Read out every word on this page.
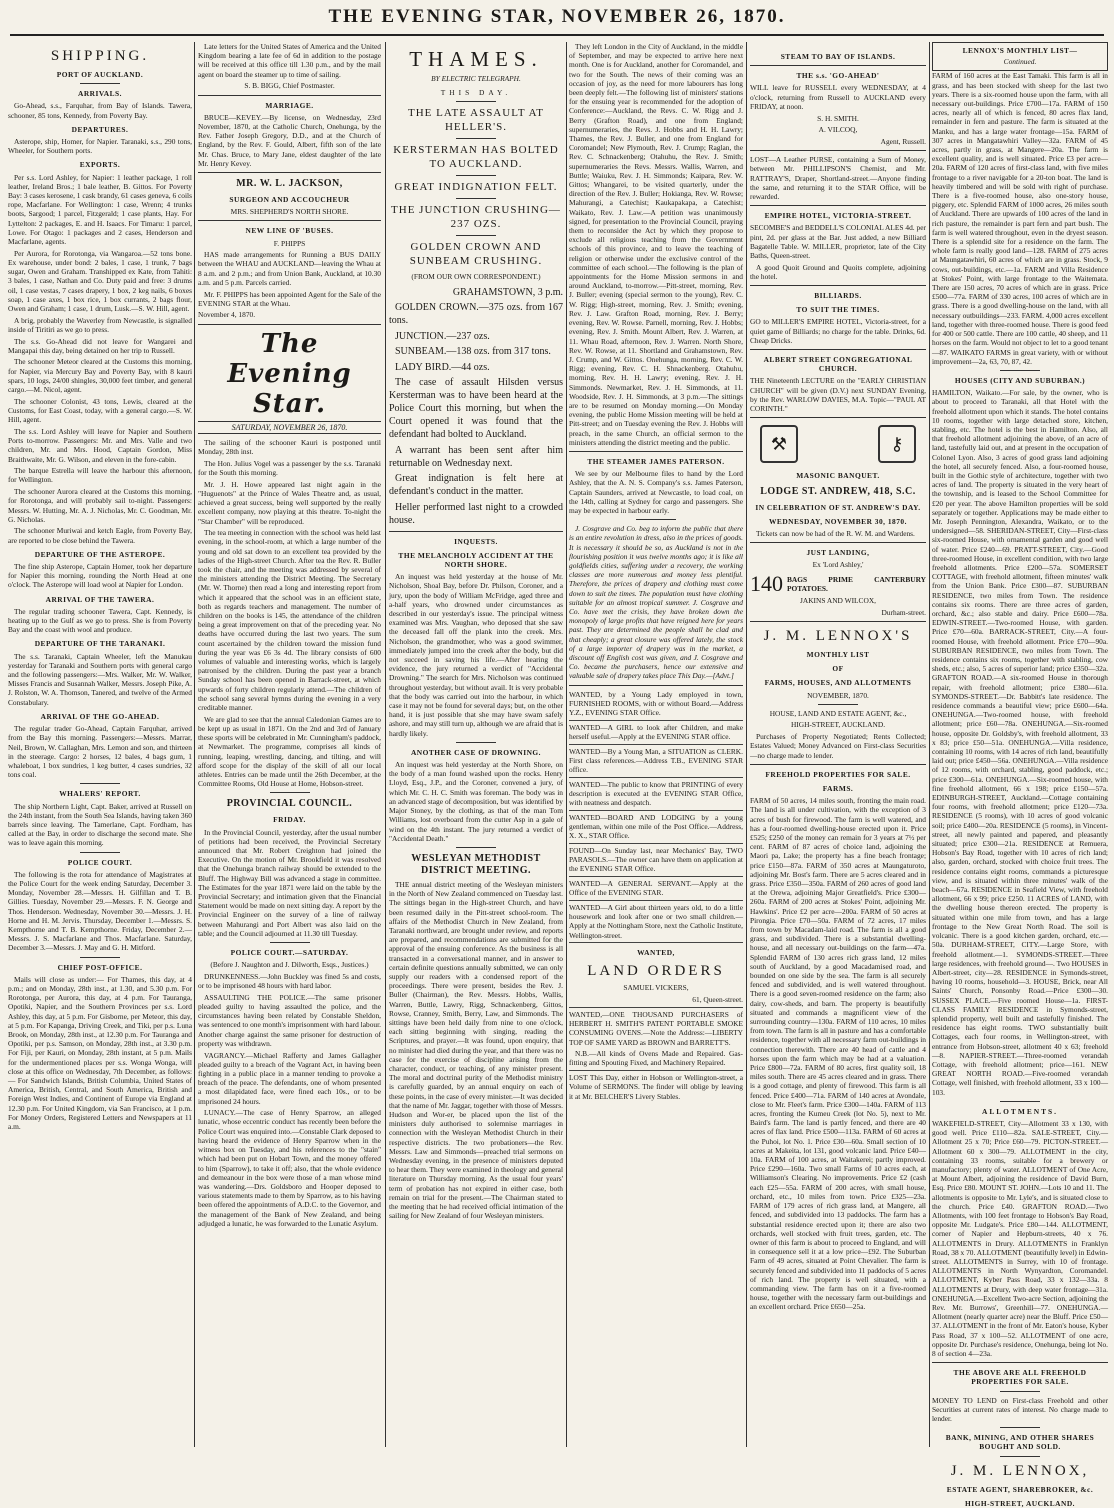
THE EVENING STAR, NOVEMBER 26, 1870.
SHIPPING.
PORT OF AUCKLAND.
ARRIVALS.

Go-Ahead, s.s., Farquhar, from Bay of Islands. Tawera, schooner, 85 tons, Kennedy, from Poverty Bay.

DEPARTURES.

Asterope, ship, Homer, for Napier. Taranaki, s.s., 290 tons, Wheeler, for Southern ports.

EXPORTS.

Per s.s. Lord Ashley, for Napier: 1 leather package, 1 roll leather, Ireland Bros.; 1 bale leather, B. Gittos. For Poverty Bay: 3 cases kerosene, 1 cask brandy, 61 cases geneva, 6 coils rope, Macfarlane. For Wellington: 1 case, Wrenn; 4 trunks boots, Sargood; 1 parcel, Fitzgerald; 1 case plants, Hay. For Lyttelton: 2 packages, E. and H. Isaacs. For Timaru: 1 parcel, Lowe. For Otago: 1 packages and 2 cases, Henderson and Macfarlane, agents.

Per Aurora, for Rorotonga, via Wangaroa.—52 tons bone. Ex warehouse, under bond: 2 bales, 1 case, 1 trunk, 7 bags sugar, Owen and Graham. Transhipped ex Kate, from Tahiti: 3 bales, 1 case, Nathan and Co. Duty paid and free: 3 drums oil, 1 case vestas, 7 cases drapery, 1 box, 2 keg nails, 6 boxes soap, 1 case axes, 1 box rice, 1 box currants, 2 bags flour, Owen and Graham; 1 case, 1 drum, Lusk.—S. W. Hill, agent.

A brig, probably the Waverley from Newcastle, is signalled inside of Tiritiri as we go to press.

The s.s. Go-Ahead did not leave for Wangarei and Mangapai this day, being detained on her trip to Russell.

The schooner Meteor cleared at the Customs this morning, for Napier, via Mercury Bay and Poverty Bay, with 8 kauri spars, 10 logs, 24/00 shingles, 30,000 feet timber, and general cargo.—M. Nicol, agent.

The schooner Colonist, 43 tons, Lewis, cleared at the Customs, for East Coast, today, with a general cargo.—S. W. Hill, agent.

The s.s. Lord Ashley will leave for Napier and Southern Ports to-morrow. Passengers: Mr. and Mrs. Valle and two children, Mr. and Mrs. Hood, Captain Gordon, Miss Braithwaite, Mr. G. Wilson, and eleven in the fore-cabin.

The barque Estrella will leave the harbour this afternoon, for Wellington.

The schooner Aurora cleared at the Customs this morning, for Rorotonga, and will probably sail to-night. Passengers: Messrs. W. Hutting, Mr. A. J. Nicholas, Mr. C. Goodman, Mr. G. Nicholas.

The schooner Muriwai and ketch Eagle, from Poverty Bay, are reported to be close behind the Tawera.

DEPARTURE OF THE ASTEROPE.

The fine ship Asterope, Captain Homer, took her departure for Napier this morning, rounding the North Head at one o'clock. The Asterope will load wool at Napier for London.

ARRIVAL OF THE TAWERA.

The regular trading schooner Tawera, Capt. Kennedy, is heating up to the Gulf as we go to press. She is from Poverty Bay and the coast with wool and produce.

DEPARTURE OF THE TARANAKI.

The s.s. Taranaki, Captain Wheeler, left the Manukau yesterday for Taranaki and Southern ports with general cargo and the following passengers:—Mrs. Walker, Mr. W. Walker, Misses Francis and Susannah Walker, Messrs. Joseph Pike, A. J. Rolston, W. A. Thomson, Tanered, and twelve of the Armed Constabulary.

ARRIVAL OF THE GO-AHEAD.

The regular trader Go-Ahead, Captain Farquhar, arrived from the Bay this morning. Passengers:—Messrs. Marrar, Neil, Brown, W. Callaghan, Mrs. Lemon and son, and thirteen in the steerage. Cargo: 2 horses, 12 bales, 4 bags gum, 1 whaleboat, 1 box sundries, 1 keg butter, 4 cases sundries, 32 tons coal.

WHALERS' REPORT.

The ship Northern Light, Capt. Baker, arrived at Russell on the 24th instant, from the South Sea Islands, having taken 360 barrels since leaving. The Tamerlane, Capt. Fordham, has called at the Bay, in order to discharge the second mate. She was to leave again this morning.

POLICE COURT.

The following is the rota for attendance of Magistrates at the Police Court for the week ending Saturday, December 3. Monday, November 28.—Messrs. H. Gilfillan and T. B. Gillies. Tuesday, November 29.—Messrs. F. N. George and Thos. Henderson. Wednesday, November 30.—Messrs. J. H. Horne and H. M. Jervis. Thursday, December 1.—Messrs. S. Kempthorne and T. B. Kempthorne. Friday, December 2.—Messrs. J. S. Macfarlane and Thos. Macfarlane. Saturday, December 3.—Messrs. J. May and G. H. Mitford.

CHIEF POST-OFFICE.

Mails will close as under:— For Thames, this day, at 4 p.m.; and on Monday, 28th inst., at 1.30, and 5.30 p.m. For Rorotonga, per Aurora, this day, at 4 p.m. For Tauranga, Opotiki, Napier, and the Southern Provinces per s.s. Lord Ashley, this day, at 5 p.m. For Gisborne, per Meteor, this day, at 5 p.m. For Kapanga, Driving Creek, and Tiki, per p.s. Luna Brook, on Monday, 28th inst., at 12.30 p.m. For Tauranga and Opotiki, per p.s. Samson, on Monday, 28th inst., at 3.30 p.m. For Fiji, per Kauri, on Monday, 28th instant, at 5 p.m. Mails for the undermentioned places per s.s. Wonga Wonga, will close at this office on Wednesday, 7th December, as follows:— For Sandwich Islands, British Columbia, United States of America, British, Central, and South America, British and Foreign West Indies, and Continent of Europe via England at 12.30 p.m. For United Kingdom, via San Francisco, at 1 p.m. For Money Orders, Registered Letters and Newspapers at 11 a.m.

Late letters for the United States of America and the United Kingdom bearing a late fee of 6d in addition to the postage will be received at this office till 1.30 p.m., and by the mail agent on board the steamer up to time of sailing.

S. B. BIGG, Chief Postmaster.

MARRIAGE.

BRUCE—KEVEY.—By license, on Wednesday, 23rd November, 1870, at the Catholic Church, Onehunga, by the Rev. Father Joseph Gregory, D.D., and at the Church of England, by the Rev. F. Gould, Albert, fifth son of the late Mr. Chas. Bruce, to Mary Jane, eldest daughter of the late Mr. Henry Kevey.

MR. W. L. JACKSON,
SURGEON AND ACCOUCHEUR

MRS. SHEPHERD'S NORTH SHORE.

NEW LINE OF 'BUSES.

F. PHIPPS

HAS made arrangements for Running a BUS DAILY between the WHAU and AUCKLAND—leaving the Whau at 8 a.m. and 2 p.m.; and from Union Bank, Auckland, at 10.30 a.m. and 5 p.m. Parcels carried.

Mr. F. PHIPPS has been appointed Agent for the Sale of the EVENING STAR at the Whau.

November 4, 1870.

The Evening Star.
SATURDAY, NOVEMBER 26, 1870.

The sailing of the schooner Kauri is postponed until Monday, 28th inst.

The Hon. Julius Vogel was a passenger by the s.s. Taranaki for the South this morning.

Mr. J. H. Howe appeared last night again in the "Huguenots" at the Prince of Wales Theatre and, as usual, achieved a great success, being well supported by the really excellent company, now playing at this theatre. To-night the "Star Chamber" will be reproduced.

The tea meeting in connection with the school was held last evening, in the school-room, at which a large number of the young and old sat down to an excellent tea provided by the ladies of the High-street Church. After tea the Rev. R. Buller took the chair, and the meeting was addressed by several of the ministers attending the District Meeting. The Secretary (Mr. W. Thorne) then read a long and interesting report from which it appeared that the school was in an efficient state, both as regards teachers and management. The number of children on the books is 145, the attendance of the children being a great improvement on that of the preceding year. No deaths have occurred during the last two years. The sum count ascertained by the children toward the mission fund during the year was £6 3s 4d. The library consists of 600 volumes of valuable and interesting works, which is largely patronised by the children. During the past year a branch Sunday school has been opened in Barrack-street, at which upwards of forty children regularly attend.—The children of the school sang several hymns during the evening in a very creditable manner.

We are glad to see that the annual Caledonian Games are to be kept up as usual in 1871. On the 2nd and 3rd of January these sports will be celebrated in Mr. Cunningham's paddock, at Newmarket. The programme, comprises all kinds of running, leaping, wrestling, dancing, and tilting, and will afford scope for the display of the skill of all our local athletes. Entries can be made until the 26th December, at the Committee Rooms, Old House at Home, Hobson-street.

PROVINCIAL COUNCIL.
FRIDAY.

In the Provincial Council, yesterday, after the usual number of petitions had been received, the Provincial Secretary announced that Mr. Robert Creighton had joined the Executive. On the motion of Mr. Brookfield it was resolved that the Onehunga branch railway should be extended to the Bluff. The Highway Bill was advanced a stage in committee. The Estimates for the year 1871 were laid on the table by the Provincial Secretary; and intimation given that the Financial Statement would be made on next sitting day. A report by the Provincial Engineer on the survey of a line of railway between Mahurangi and Port Albert was also laid on the table; and the Council adjourned at 11.30 till Tuesday.

POLICE COURT.—SATURDAY.

(Before J. Naughton and J. Dilworth, Esqs., Justices.)

DRUNKENNESS.—John Buckley was fined 5s and costs, or to be imprisoned 48 hours with hard labor.

ASSAULTING THE POLICE.—The same prisoner pleaded guilty to having assaulted the police, and the circumstances having been related by Constable Sheldon, was sentenced to one month's imprisonment with hard labour. Another charge against the same prisoner for destruction of property was withdrawn.

VAGRANCY.—Michael Rafferty and James Gallagher pleaded guilty to a breach of the Vagrant Act, in having been fighting in a public place in a manner tending to provoke a breach of the peace. The defendants, one of whom presented a most dilapidated face, were fined each 10s., or to be imprisoned 24 hours.

LUNACY.—The case of Henry Sparrow, an alleged lunatic, whose eccentric conduct has recently been before the Police Court was enquired into.—Constable Clark deposed to having heard the evidence of Henry Sparrow when in the witness box on Tuesday, and his references to the "stain" which had been put on Hobart Town, and the money offered to him (Sparrow), to take it off; also, that the whole evidence and demeanour in the box were those of a man whose mind was wandering.—Drs. Goldsboro and Hooper deposed to various statements made to them by Sparrow, as to his having been offered the appointments of A.D.C. to the Governor, and the management of the Bank of New Zealand, and being adjudged a lunatic, he was forwarded to the Lunatic Asylum.

THAMES.
BY ELECTRIC TELEGRAPH.
THIS DAY.
THE LATE ASSAULT AT HELLER'S.
KERSTERMAN HAS BOLTED TO AUCKLAND.
GREAT INDIGNATION FELT.
THE JUNCTION CRUSHING—237 OZS.
GOLDEN CROWN AND SUNBEAM CRUSHING.

(FROM OUR OWN CORRESPONDENT.)

GRAHAMSTOWN, 3 p.m.

GOLDEN CROWN.—375 ozs. from 167 tons.

JUNCTION.—237 ozs.

SUNBEAM.—138 ozs. from 317 tons.

LADY BIRD.—44 ozs.

The case of assault Hilsden versus Kersterman was to have been heard at the Police Court this morning, but when the Court opened it was found that the defendant had bolted to Auckland.

A warrant has been sent after him returnable on Wednesday next.

Great indignation is felt here at defendant's conduct in the matter.

Heller performed last night to a crowded house.

INQUESTS.
THE MELANCHOLY ACCIDENT AT THE NORTH SHORE.

An inquest was held yesterday at the house of Mr. Nicholson, Shoal Bay, before Dr. Philson, Coroner, and a jury, upon the body of William McFridge, aged three and a-half years, who drowned under circumstances as described in our yesterday's issue. The principal witness examined was Mrs. Vaughan, who deposed that she saw the deceased fall off the plank into the creek. Mrs. Nicholson, the grandmother, who was a good swimmer, immediately jumped into the creek after the body, but did not succeed in saving his life.—After hearing the evidence, the jury returned a verdict of "Accidental Drowning." The search for Mrs. Nicholson was continued throughout yesterday, but without avail. It is very probable that the body was carried out into the harbour, in which case it may not be found for several days; but, on the other hand, it is just possible that she may have swam safely ashore, and may still turn up, although we are afraid that is hardly likely.

ANOTHER CASE OF DROWNING.

An inquest was held yesterday at the North Shore, on the body of a man found washed upon the rocks. Henry Lloyd, Esq., J.P., and the Coroner, convened a jury, of which Mr. C. H. C. Smith was foreman. The body was in an advanced stage of decomposition, but was identified by Major Stoney, by the clothing, as that of the man Tom Williams, lost overboard from the cutter Asp in a gale of wind on the 4th instant. The jury returned a verdict of "Accidental Death."

WESLEYAN METHODIST DISTRICT MEETING.

THE annual district meeting of the Wesleyan ministers in the North of New Zealand commenced on Tuesday last. The sittings began in the High-street Church, and have been resumed daily in the Pitt-street school-room. The affairs of the Methodist Church in New Zealand, from Taranaki northward, are brought under review, and reports are prepared, and recommendations are submitted for the approval of the ensuing conference. As the business is all transacted in a conversational manner, and in answer to certain definite questions annually submitted, we can only supply our readers with a condensed report of the proceedings. There were present, besides the Rev. J. Buller (Chairman), the Rev. Messrs. Hobbs, Wallis, Warren, Buttle, Lawry, Rigg, Schnackenberg, Gittos, Rowse, Cranney, Smith, Berry, Law, and Simmonds. The sittings have been held daily from nine to one o'clock, each sitting beginning with singing, reading the Scriptures, and prayer.—It was found, upon enquiry, that no minister had died during the year, and that there was no case for the exercise of discipline arising from the character, conduct, or teaching, of any minister present. The moral and doctrinal purity of the Methodist ministry is carefully guarded, by an annual enquiry on each of these points, in the case of every minister.—It was decided that the name of Mr. Jaggar, together with those of Messrs. Hudson and Wor-er, be placed upon the list of the ministers duly authorised to solemnise marriages in connection with the Wesleyan Methodist Church in their respective districts. The two probationers—the Rev. Messrs. Law and Simmonds—preached trial sermons on Wednesday evening, in the presence of ministers deputed to hear them. They were examined in theology and general literature on Thursday morning. As the usual four years' term of probation has not expired in either case, both remain on trial for the present.—The Chairman stated to the meeting that he had received official intimation of the sailing for New Zealand of four Wesleyan ministers.

They left London in the City of Auckland, in the middle of September, and may be expected to arrive here next month. One is for Auckland, another for Coromandel, and two for the South. The news of their coming was an occasion of joy, as the need for more labourers has long been deeply felt.—The following list of ministers' stations for the ensuing year is recommended for the adoption of Conference:—Auckland, the Revs. C. W. Rigg and J. Berry (Grafton Road), and one from England; supernumeraries, the Revs. J. Hobbs and H. H. Lawry; Thames, the Rev. J. Buller, and one from England for Coromandel; New Plymouth, Rev. J. Crump; Raglan, the Rev. C. Schnackenberg; Otahuhu, the Rev. J. Smith; supernumeraries the Revs. Messrs. Wallis, Warren, and Buttle; Waiuku, Rev. J. H. Simmonds; Kaipara, Rev. W. Gittos; Whangarei, to be visited quarterly, under the direction of the Rev. J. Buller; Hokianga, Rev. W. Rowse; Mahurangi, a Catechist; Kaukapakapa, a Catechist; Waikato, Rev. J. Law.—A petition was unanimously signed, for presentation to the Provincial Council, praying them to reconsider the Act by which they propose to exclude all religious teaching from the Government schools of this province, and to leave the teaching of religion or otherwise under the exclusive control of the committee of each school.—The following is the plan of appointments for the Home Mission sermons in and around Auckland, to-morrow.—Pitt-street, morning, Rev. J. Buller; evening (special sermon to the young), Rev. C. W. Rigg; High-street, morning, Rev. J. Smith; evening, Rev. J. Law. Grafton Road, morning, Rev. J. Berry; evening, Rev. W. Rowse. Parnell, morning, Rev. J. Hobbs; evening, Rev. J. Smith. Mount Albert, Rev. J. Warren, at 11. Whau Road, afternoon, Rev. J. Warren. North Shore, Rev. W. Rowse, at 11. Shortland and Grahamstown, Rev. J. Crump, and W. Gittos. Onehunga, morning, Rev. C. W. Rigg; evening, Rev. C. H. Shnackenberg. Otahuhu, morning, Rev. H. H. Lawry; evening, Rev. J. H. Simmonds. Newmarket, Rev. J. H. Simmonds, at 11. Woodside, Rev. J. H. Simmonds, at 3 p.m.—The sittings are to be resumed on Monday morning.—On Monday evening, the public Home Mission meeting will be held at Pitt-street; and on Tuesday evening the Rev. J. Hobbs will preach, in the same Church, an official sermon to the ministers attending the district meeting and the public.

THE STEAMER JAMES PATERSON.

We see by our Melbourne files to hand by the Lord Ashley, that the A. N. S. Company's s.s. James Paterson, Captain Saunders, arrived at Newcastle, to load coal, on the 14th, calling at Sydney for cargo and passengers. She may be expected in harbour early.

J. Cosgrave and Co. beg to inform the public that there is an entire revolution in dress, also in the prices of goods. It is necessary it should be so, as Auckland is not in the flourishing position it was twelve months ago; it is like all goldfields cities, suffering under a recovery, the working classes are more numerous and money less plentiful. Therefore, the prices of drapery and clothing must come down to suit the times. The population must have clothing suitable for an almost tropical summer. J. Cosgrave and Co. have met the crisis, they have broken down the monopoly of large profits that have reigned here for years past. They are determined the people shall be clad and that cheaply; a great closure was offered lately, the stock of a large importer of drapery was in the market, a discount off English cost was given, and J. Cosgrave and Co. became the purchasers, hence our extensive and valuable sale of drapery takes place This Day.—[Advt.]

WANTED, by a Young Lady employed in town, FURNISHED ROOMS, with or without Board.—Address Y.Z., EVENING STAR Office.

WANTED—A GIRL to look after Children, and make herself useful.—Apply at the EVENING STAR office.

WANTED—By a Young Man, a SITUATION as CLERK. First class references.—Address T.B., EVENING STAR office.

WANTED—The public to know that PRINTING of every description is executed at the EVENING STAR Office, with neatness and despatch.

WANTED—BOARD AND LODGING by a young gentleman, within one mile of the Post Office.—Address, X. X., STAR Office.

FOUND—On Sunday last, near Mechanics' Bay, TWO PARASOLS.—The owner can have them on application at the EVENING STAR Office.

WANTED—A GENERAL SERVANT.—Apply at the Office of the EVENING STAR.

WANTED—A Girl about thirteen years old, to do a little housework and look after one or two small children.—Apply at the Nottingham Store, next the Catholic Institute, Wellington-street.

WANTED,
LAND ORDERS

SAMUEL VICKERS,

61, Queen-street.

WANTED,—ONE THOUSAND PURCHASERS of HERBERT H. SMITH'S PATENT PORTABLE SMOKE CONSUMING OVENS.—Note the Address:—LIBERTY TOP OF SAME YARD as BROWN and BARRETT'S.

N.B.—All kinds of Ovens Made and Repaired. Gas-fitting and Spouting Fixed, and Machinery Repaired.

LOST This Day, either in Hobson or Wellington-street, a Volume of SERMONS. The finder will oblige by leaving it at Mr. BELCHER'S Livery Stables.

STEAM TO BAY OF ISLANDS.
THE s.s. 'GO-AHEAD'

WILL leave for RUSSELL every WEDNESDAY, at 4 o'clock, returning from Russell to AUCKLAND every FRIDAY, at noon.

S. H. SMITH.

A. VILCOQ,

Agent, Russell.

LOST—A Leather PURSE, containing a Sum of Money, between Mr. PHILLIPSON'S Chemist, and Mr. RATTRAY'S, Draper, Shortland-street.—Anyone finding the same, and returning it to the STAR Office, will be rewarded.

EMPIRE HOTEL, VICTORIA-STREET.

SECOMBE'S and BEDDELL'S COLONIAL ALES 4d. per pint, 2d. per glass at the Bar. Just added, a new Billiard Bagatelle Table. W. MILLER, proprietor, late of the City Baths, Queen-street.

A good Quoit Ground and Quoits complete, adjoining the hotel.

BILLIARDS.
TO SUIT THE TIMES.

GO to MILLER'S EMPIRE HOTEL, Victoria-street, for a quiet game of Billiards; no charge for the table. Drinks, 6d. Cheap Dricks.

ALBERT STREET CONGREGATIONAL CHURCH.

THE Nineteenth LECTURE on the "EARLY CHRISTIAN CHURCH" will be given (D.V.) next SUNDAY Evening, by the Rev. WARLOW DAVIES, M.A. Topic—"PAUL AT CORINTH."

⚒	⚷
MASONIC BANQUET.
LODGE ST. ANDREW, 418, S.C.
IN CELEBRATION OF ST. ANDREW'S DAY.
WEDNESDAY, NOVEMBER 30, 1870.

Tickets can now be had of the R. W. M. and Wardens.

JUST LANDING,

Ex 'Lord Ashley,'

140 BAGS PRIME CANTERBURY POTATOES.

JAKINS AND WILCOX,

Durham-street.

J. M. LENNOX'S
MONTHLY LIST
OF
FARMS, HOUSES, AND ALLOTMENTS

NOVEMBER, 1870.

HOUSE, LAND AND ESTATE AGENT, &c.,

HIGH-STREET, AUCKLAND.

Purchases of Property Negotiated; Rents Collected; Estates Valued; Money Advanced on First-class Securities—no charge made to lender.

FREEHOLD PROPERTIES FOR SALE.
FARMS.

FARM of 50 acres, 14 miles south, fronting the main road. The land is all under cultivation, with the exception of 3 acres of bush for firewood. The farm is well watered, and has a four-roomed dwelling-house erected upon it. Price £525; £250 of the money can remain for 3 years at 7½ per cent. FARM of 87 acres of choice land, adjoining the Maori pa, Lake; the property has a fine beach frontage; price £150—87a. FARM of 350 acres at Maungaturoto, adjoining Mr. Bost's farm. There are 5 acres cleared and in grass. Price £350—350a. FARM of 260 acres of good land at the Orewa, adjoining Major Greatfield's. Price £300—260a. FARM of 200 acres at Stokes' Point, adjoining Mr. Hawkins'. Price £2 per acre—200a. FARM of 50 acres at Pirongia. Price £70—50a. FARM of 72 acres, 17 miles from town by Macadam-laid road. The farm is all a good grass, and subdivided. There is a substantial dwelling-house, and all necessary out-buildings on the farm—47a. Splendid FARM of 130 acres rich grass land, 12 miles south of Auckland, by a good Macadamised road, and bounded on one side by the sea. The farm is all securely fenced and subdivided, and is well watered throughout. There is a good seven-roomed residence on the farm; also dairy, cow-sheds, and barn. The property is beautifully situated and commands a magnificent view of the surrounding country—130a. FARM of 110 acres, 10 miles from town. The farm is all in pasture and has a comfortable residence, together with all necessary farm out-buildings in connection therewith. There are 40 head of cattle and 4 horses upon the farm which may be had at a valuation. Price £800—72a. FARM of 80 acres, first quality soil, 18 miles south. There are 45 acres cleared and in grass. There is a good cottage, and plenty of firewood. This farm is all fenced. Price £400—71a. FARM of 140 acres at Avondale, close to Mr. Fleet's farm. Price £300—140a. FARM of 113 acres, fronting the Kumeu Creek (lot No. 5), next to Mr. Baird's farm. The land is partly fenced, and there are 40 acres of flax land. Price £500—113a. FARM of 60 acres at the Puhoi, lot No. 1. Price £30—60a. Small section of 10 acres at Makeita, lot 131, good volcanic land. Price £40—10a. FARM of 100 acres, at Waitakerei; partly improved. Price £290—160a. Two small Farms of 10 acres each, at Williamson's Clearing. No improvements. Price £2 (cash each £25—55a. FARM of 200 acres, with small house, orchard, etc., 10 miles from town. Price £325—23a. FARM of 179 acres of rich grass land, at Mangere, all fenced, and subdivided into 13 paddocks. The farm has a substantial residence erected upon it; there are also two orchards, well stocked with fruit trees, garden, etc. The owner of this farm is about to proceed to England, and will in consequence sell it at a low price—£92. The Suburban Farm of 49 acres, situated at Point Chevalier. The farm is securely fenced and subdivided into 11 paddocks of 5 acres of rich land. The property is well situated, with a commanding view. The farm has on it a five-roomed house, together with the necessary farm out-buildings and an excellent orchard. Price £650—25a.

LENNOX'S MONTHLY LIST—
Continued.

FARM of 160 acres at the East Tamaki. This farm is all in grass, and has been stocked with sheep for the last two years. There is a six-roomed house upon the farm, with all necessary out-buildings. Price £700—17a. FARM of 150 acres, nearly all of which is fenced, 80 acres flax land, remainder in fern and pasture. The farm is situated at the Manku, and has a large water frontage—15a. FARM of 307 acres in Mangatawhiri Valley—32a. FARM of 45 acres, partly in grass, at Mangere—20a. The farm is excellent quality, and is well situated. Price £3 per acre—20a. FARM of 120 acres of first-class land, with five miles frontage to a river navigable for a 20-ton boat. The land is heavily timbered and will be sold with right of purchase. There is a five-roomed house, also one-story house, piggery, etc. Splendid FARM of 1000 acres, 26 miles south of Auckland. There are upwards of 100 acres of the land in rich pasture, the remainder is part fern and part bush. The farm is well watered throughout, even in the dryest season. There is a splendid site for a residence on the farm. The whole farm is really good land—128. FARM of 275 acres at Maungatawhiri, 60 acres of which are in grass. Stock, 9 cows, out-buildings, etc.—1a. FARM and Villa Residence at Stokes' Point, with large frontage to the Waitemata. There are 150 acres, 70 acres of which are in grass. Price £500—77a. FARM of 330 acres, 100 acres of which are in grass. There is a good dwelling-house on the land, with all necessary outbuildings—233. FARM. 4,000 acres excellent land, together with three-roomed house. There is good feed for 400 or 500 cattle. There are 100 cattle, 40 sheep, and 11 horses on the farm. Would not object to let to a good tenant—87. WAIKATO FARMS in great variety, with or without improvement—2a, 63, 70, 87, 42.

HOUSES (CITY AND SUBURBAN.)

HAMILTON, Waikato.—For sale, by the owner, who is about to proceed to Taranaki, all that Hotel with the freehold allotment upon which it stands. The hotel contains 10 rooms, together with large detached store, kitchen, stabling, etc. The hotel is the best in Hamilton. Also, all that freehold allotment adjoining the above, of an acre of land, tastefully laid out, and at present in the occupation of Colonel Lyon. Also, 3 acres of good grass land adjoining the hotel, all securely fenced. Also, a four-roomed house, built in the Gothic style of architecture, together with two acres of land. The property is situated in the very heart of the township, and is leased to the School Committee for £20 per year. The above Hamilton properties will be sold separately or together. Applications may be made either to Mr. Joseph Pennington, Alexandra, Waikato, or to the undersigned—58. SHERIDAN-STREET, City—First-class six-roomed House, with ornamental garden and good well of water. Price £240—69. PRATT-STREET, City.—Good three-roomed House, in excellent condition, with two large freehold allotments. Price £200—57a. SOMERSET COTTAGE, with freehold allotment, fifteen minutes' walk from the Union Bank. Price £300—87. SUBURBAN RESIDENCE, two miles from Town. The residence contains six rooms. There are three acres of garden, orchard, &c.; also stable and dairy. Price £600—78a. EDWIN-STREET.—Two-roomed House, with garden. Price £70—60a. BARRACK-STREET, City.—A four-roomed House, with freehold allotment. Price £70—90a. SUBURBAN RESIDENCE, two miles from Town. The residence contains six rooms, together with stabling, cow sheds, etc.; also, 5 acres of superior land; price £350—32a. GRAFTON ROAD.—A six-roomed House in thorough repair, with freehold allotment; price £380—61a. SYMONDS-STREET.—Dr. Babbitt's late residence. The residence commands a beautiful view; price £600—64a. ONEHUNGA.—Two-roomed house, with freehold allotment; price £60—78a. ONEHUNGA.—Six-roomed house, opposite Dr. Goldsby's, with freehold allotment, 33 x 83; price £50—51a. ONEHUNGA.—Villa residence, containing 10 rooms, with 14 acres of rich land, beautifully laid out; price £450—56a. ONEHUNGA.—Villa residence of 12 rooms, with orchard, stabling, good paddock, etc.; price £300—61a. ONEHUNGA.—Six-roomed house, with fine freehold allotment, 66 x 198; price £150—57a. EDINBURGH-STREET, Auckland.—Cottage containing four rooms, with freehold allotment; price £120—73a. RESIDENCE (5 rooms), with 10 acres of good volcanic soil; price £400—20a. RESIDENCE (5 rooms), in Vincent-street, all newly painted and papered, and pleasantly situated; price £300—21a. RESIDENCE at Remuera, Hobson's Bay Road, together with 10 acres of rich land; also, garden, orchard, stocked with choice fruit trees. The residence contains eight rooms, commands a picturesque view, and is situated within three minutes' walk of the beach—67a. RESIDENCE in Seafield View, with freehold allotment, 66 x 99; price £250. 11 ACRES of LAND, with the dwelling house thereon erected. The property is situated within one mile from town, and has a large frontage to the New Great North Road. The soil is volcanic. There is a good kitchen garden, orchard, etc.—50a. DURHAM-STREET, CITY.—Large Store, with freehold allotment.—1. SYMONDS-STREET.—Three large residences, with freehold ground—. Two HOUSES in Albert-street, city—28. RESIDENCE in Symonds-street, having 10 rooms, household—3. HOUSE, Brick, near All Saints' Church, Ponsonby Road.—Price £300—30. SUSSEX PLACE.—Five roomed House—1a. FIRST-CLASS FAMILY RESIDENCE in Symonds-street, splendid property, well built and tastefully finished. The residence has eight rooms. TWO substantially built Cottages, each four rooms, in Wellington-street, with entrance from Hobson-street, allotment 40 x 63; freehold—8. NAPIER-STREET.—Three-roomed verandah Cottage, with freehold allotment; price—161. NEW GREAT NORTH ROAD.—Five-roomed verandah Cottage, well finished, with freehold allotment, 33 x 100—103.

ALLOTMENTS.

WAKEFIELD-STREET, City—Allotment 33 x 130, with good well. Price £110—82a. SALE-STREET, City.—Allotment 25 x 70; Price £60—79. PICTON-STREET.—Allotment 60 x 300—79. ALLOTMENT in the city, containing 33 rooms, suitable for a brewery or manufactory; plenty of water. ALLOTMENT of One Acre, at Mount Albert, adjoining the residence of David Burn, Esq. Price £80. MOUNT ST. JOHN.—Lots 10 and 11. The allotments is opposite to Mr. Lyle's, and is situated close to the church. Price £40. GRAFTON ROAD.—Two Allotments, with 100 feet frontage to Hobson's Bay Road, opposite Mr. Ludgate's. Price £80—144. ALLOTMENT, corner of Napier and Hepburn-streets, 40 x 76. ALLOTMENTS in Drury. ALLOTMENTS in Franklyn Road, 38 x 70. ALLOTMENT (beautifully level) in Edwin-street. ALLOTMENTS in Surrey, with 10 of frontage. ALLOTMENTS in North Wynyardton, Coromandel. ALLOTMENT, Kyber Pass Road, 33 x 132—33a. 8 ALLOTMENTS at Drury, with deep water frontage—31a. ONEHUNGA.—Excellent Two-acre Section, adjoining the Rev. Mr. Burrows', Greenhill—77. ONEHUNGA.—Allotment (nearly quarter acre) near the Bluff. Price £50—37. ALLOTMENT in the front of Mr. Eaton's house, Kyber Pass Road, 37 x 100—52. ALLOTMENT of one acre, opposite Dr. Purchase's residence, Onehunga, being lot No. 8 of section 4—23a.

THE ABOVE ARE ALL FREEHOLD PROPERTIES FOR SALE.

MONEY TO LEND on First-class Freehold and other Securities at current rates of interest. No charge made to lender.

BANK, MINING, AND OTHER SHARES BOUGHT AND SOLD.
J. M. LENNOX,
ESTATE AGENT, SHAREBROKER, &c.
HIGH-STREET, AUCKLAND.
